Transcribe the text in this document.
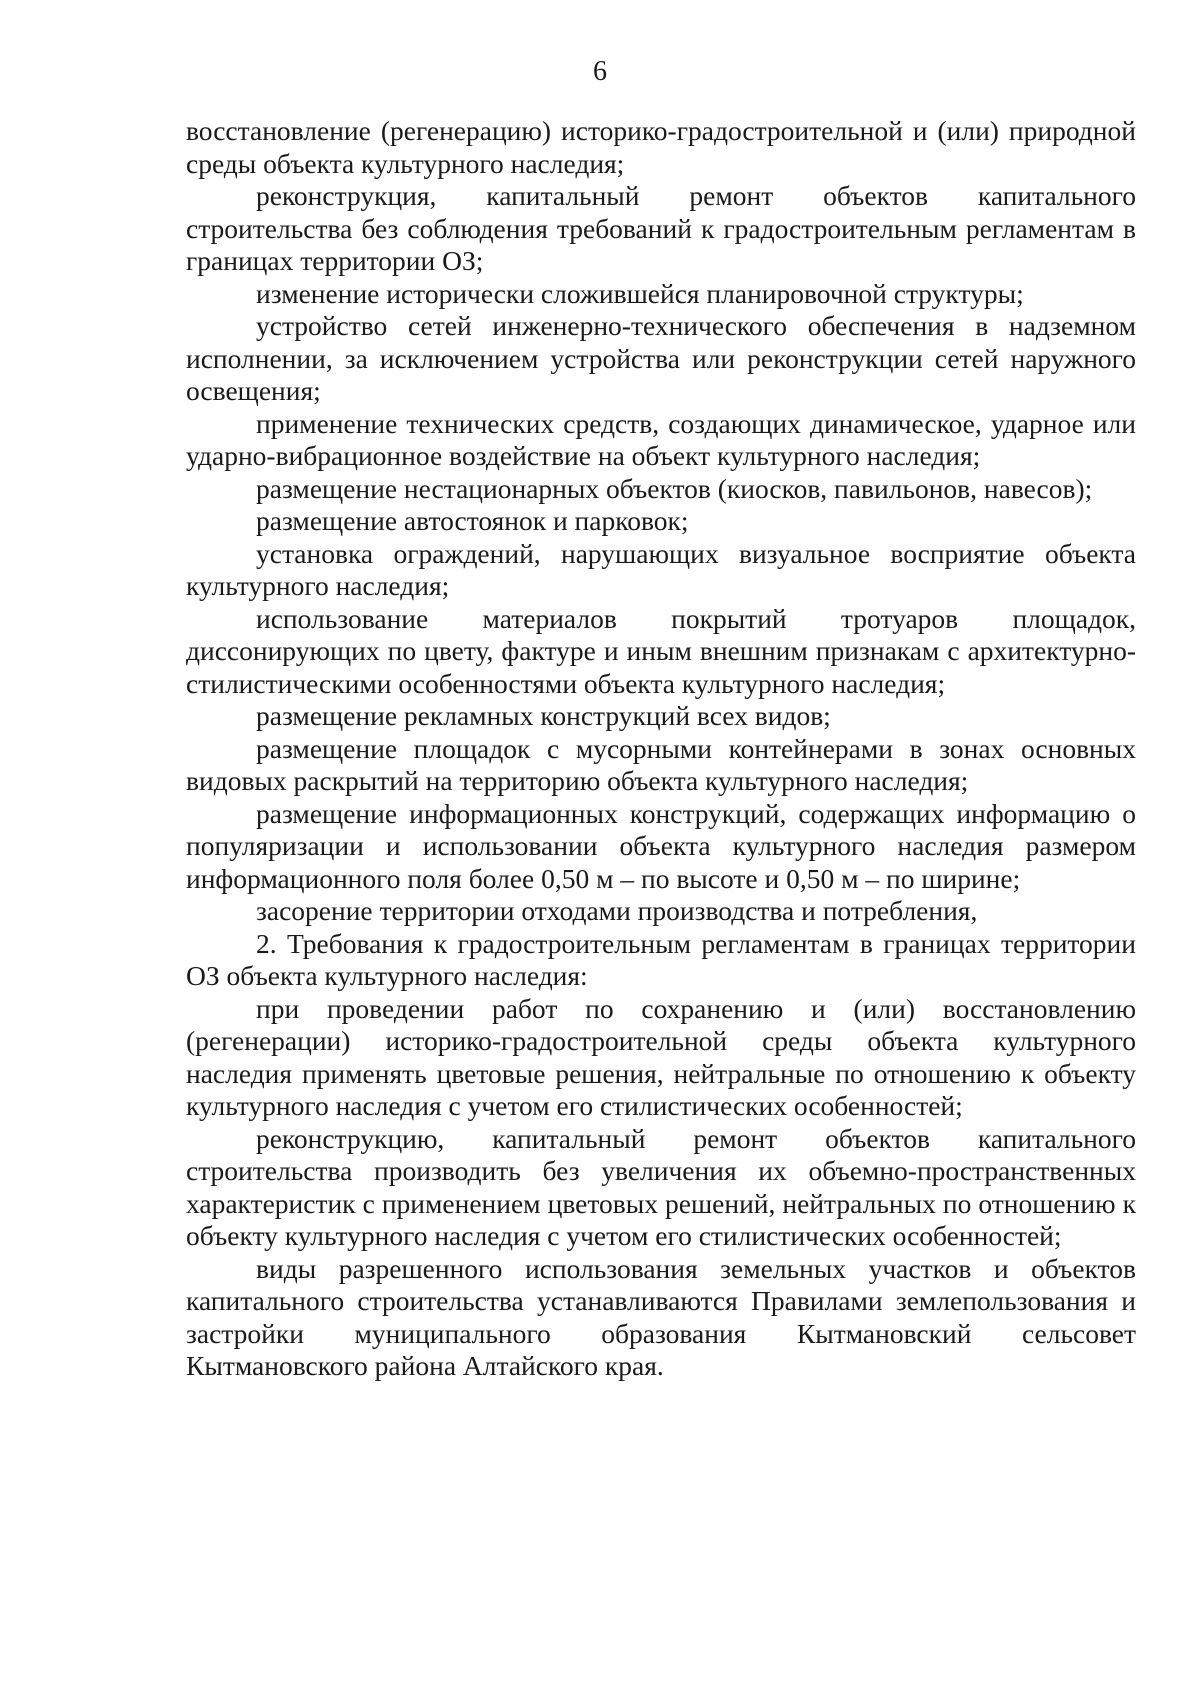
6

восстановление (регенерацию) историко-градостроительной и (или) природной среды объекта культурного наследия;

реконструкция, капитальный ремонт объектов капитального строительства без соблюдения требований к градостроительным регламентам в границах территории ОЗ;

изменение исторически сложившейся планировочной структуры;

устройство сетей инженерно-технического обеспечения в надземном исполнении, за исключением устройства или реконструкции сетей наружного освещения;

применение технических средств, создающих динамическое, ударное или ударно-вибрационное воздействие на объект культурного наследия;

размещение нестационарных объектов (киосков, павильонов, навесов);

размещение автостоянок и парковок;

установка ограждений, нарушающих визуальное восприятие объекта культурного наследия;

использование материалов покрытий тротуаров площадок, диссонирующих по цвету, фактуре и иным внешним признакам с архитектурно-стилистическими особенностями объекта культурного наследия;

размещение рекламных конструкций всех видов;

размещение площадок с мусорными контейнерами в зонах основных видовых раскрытий на территорию объекта культурного наследия;

размещение информационных конструкций, содержащих информацию о популяризации и использовании объекта культурного наследия размером информационного поля более 0,50 м – по высоте и 0,50 м – по ширине;

засорение территории отходами производства и потребления,

2. Требования к градостроительным регламентам в границах территории ОЗ объекта культурного наследия:

при проведении работ по сохранению и (или) восстановлению (регенерации) историко-градостроительной среды объекта культурного наследия применять цветовые решения, нейтральные по отношению к объекту культурного наследия с учетом его стилистических особенностей;

реконструкцию, капитальный ремонт объектов капитального строительства производить без увеличения их объемно-пространственных характеристик с применением цветовых решений, нейтральных по отношению к объекту культурного наследия с учетом его стилистических особенностей;

виды разрешенного использования земельных участков и объектов капитального строительства устанавливаются Правилами землепользования и застройки муниципального образования Кытмановский сельсовет Кытмановского района Алтайского края.
